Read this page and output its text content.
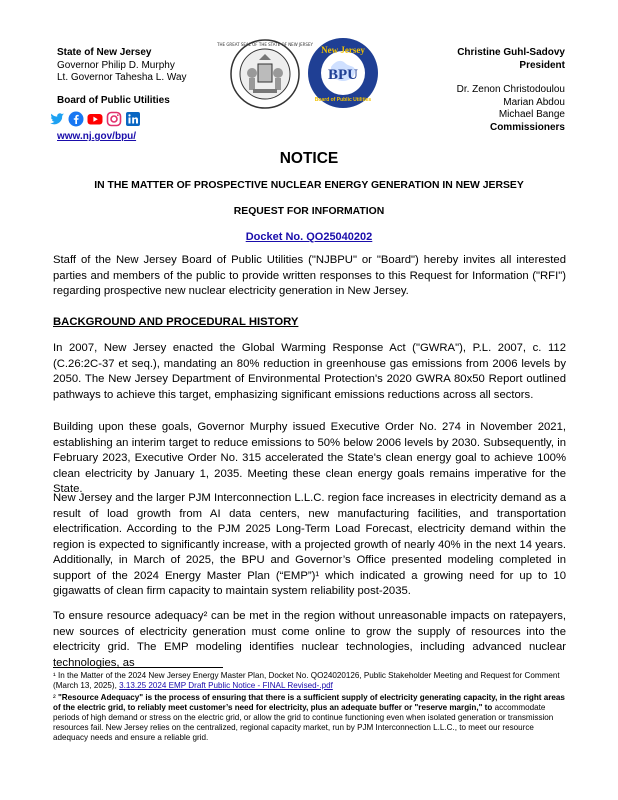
State of New Jersey
Governor Philip D. Murphy
Lt. Governor Tahesha L. Way
Board of Public Utilities
www.nj.gov/bpu/
THE GREAT SEAL OF THE STATE OF NEW JERSEY
New Jersey
BPU
Board of Public Utilities
Christine Guhl-Sadovy
President
Dr. Zenon Christodoulou
Marian Abdou
Michael Bange
Commissioners
NOTICE
IN THE MATTER OF PROSPECTIVE NUCLEAR ENERGY GENERATION IN NEW JERSEY
REQUEST FOR INFORMATION
Docket No. QO25040202
Staff of the New Jersey Board of Public Utilities ("NJBPU" or "Board") hereby invites all interested parties and members of the public to provide written responses to this Request for Information ("RFI") regarding prospective new nuclear electricity generation in New Jersey.
BACKGROUND AND PROCEDURAL HISTORY
In 2007, New Jersey enacted the Global Warming Response Act ("GWRA"), P.L. 2007, c. 112 (C.26:2C-37 et seq.), mandating an 80% reduction in greenhouse gas emissions from 2006 levels by 2050. The New Jersey Department of Environmental Protection's 2020 GWRA 80x50 Report outlined pathways to achieve this target, emphasizing significant emissions reductions across all sectors.
Building upon these goals, Governor Murphy issued Executive Order No. 274 in November 2021, establishing an interim target to reduce emissions to 50% below 2006 levels by 2030. Subsequently, in February 2023, Executive Order No. 315 accelerated the State's clean energy goal to achieve 100% clean electricity by January 1, 2035. Meeting these clean energy goals remains imperative for the State.
New Jersey and the larger PJM Interconnection L.L.C. region face increases in electricity demand as a result of load growth from AI data centers, new manufacturing facilities, and transportation electrification. According to the PJM 2025 Long-Term Load Forecast, electricity demand within the region is expected to significantly increase, with a projected growth of nearly 40% in the next 14 years. Additionally, in March of 2025, the BPU and Governor’s Office presented modeling completed in support of the 2024 Energy Master Plan (“EMP”)¹ which indicated a growing need for up to 10 gigawatts of clean firm capacity to maintain system reliability post-2035.
To ensure resource adequacy² can be met in the region without unreasonable impacts on ratepayers, new sources of electricity generation must come online to grow the supply of resources into the electricity grid. The EMP modeling identifies nuclear technologies, including advanced nuclear technologies, as
¹ In the Matter of the 2024 New Jersey Energy Master Plan, Docket No. QO24020126, Public Stakeholder Meeting and Request for Comment (March 13, 2025), 3.13.25 2024 EMP Draft Public Notice - FINAL Revised-.pdf
² "Resource Adequacy" is the process of ensuring that there is a sufficient supply of electricity generating capacity, in the right areas of the electric grid, to reliably meet customer’s need for electricity, plus an adequate buffer or "reserve margin," to accommodate periods of high demand or stress on the electric grid, or allow the grid to continue functioning even when isolated generation or transmission resources fail. New Jersey relies on the centralized, regional capacity market, run by PJM Interconnection L.L.C., to meet our resource adequacy needs and ensure a reliable grid.
